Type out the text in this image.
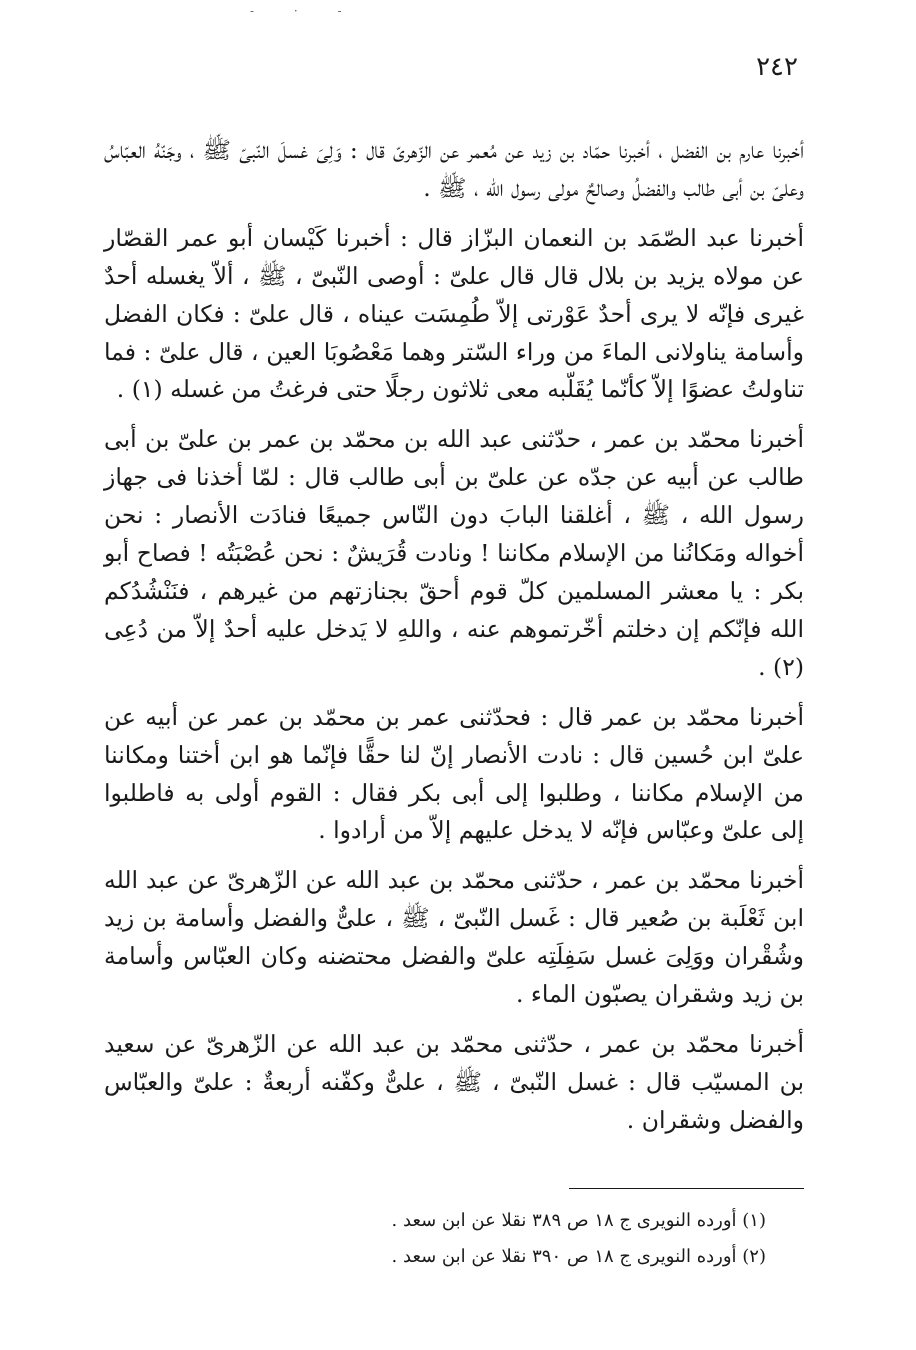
- · -
٢٤٢

أخبرنا عارم بن الفضل ، أخبرنا حمّاد بن زيد عن مُعمر عن الزّهرىّ قال : وَلِىَ غسلَ النّبىّ ﷺ ، وجَنّهُ العبّاسُ وعلىّ بن أبى طالب والفضلُ وصالحٌ مولى رسول الله ، ﷺ .

أخبرنا عبد الصّمَد بن النعمان البزّاز قال : أخبرنا كَيْسان أبو عمر القصّار عن مولاه يزيد بن بلال قال قال علىّ : أوصى النّبىّ ، ﷺ ، ألاّ يغسله أحدٌ غيرى فإنّه لا يرى أحدٌ عَوْرتى إلاّ طُمِسَت عيناه ، قال علىّ : فكان الفضل وأسامة يناولانى الماءَ من وراء السّتر وهما مَعْصُوبَا العين ، قال علىّ : فما تناولتُ عضوًا إلاّ كأنّما يُقَلّبه معى ثلاثون رجلًا حتى فرغتُ من غسله (١) .

أخبرنا محمّد بن عمر ، حدّثنى عبد الله بن محمّد بن عمر بن علىّ بن أبى طالب عن أبيه عن جدّه عن علىّ بن أبى طالب قال : لمّا أخذنا فى جهاز رسول الله ، ﷺ ، أغلقنا البابَ دون النّاس جميعًا فنادَت الأنصار : نحن أخواله ومَكانُنا من الإسلام مكاننا ! ونادت قُرَيشٌ : نحن عُصْبَتُه ! فصاح أبو بكر : يا معشر المسلمين كلّ قوم أحقّ بجنازتهم من غيرهم ، فنَنْشُدُكم الله فإنّكم إن دخلتم أخّرتموهم عنه ، واللهِ لا يَدخل عليه أحدٌ إلاّ من دُعِى (٢) .

أخبرنا محمّد بن عمر قال : فحدّثنى عمر بن محمّد بن عمر عن أبيه عن علىّ ابن حُسين قال : نادت الأنصار إنّ لنا حقًّا فإنّما هو ابن أختنا ومكاننا من الإسلام مكاننا ، وطلبوا إلى أبى بكر فقال : القوم أولى به فاطلبوا إلى علىّ وعبّاس فإنّه لا يدخل عليهم إلاّ من أرادوا .

أخبرنا محمّد بن عمر ، حدّثنى محمّد بن عبد الله عن الزّهرىّ عن عبد الله ابن ثَعْلَبة بن صُعير قال : غَسل النّبىّ ، ﷺ ، علىٌّ والفضل وأسامة بن زيد وشُقْران ووَلِىَ غسل سَفِلَتِه علىّ والفضل محتضنه وكان العبّاس وأسامة بن زيد وشقران يصبّون الماء .

أخبرنا محمّد بن عمر ، حدّثنى محمّد بن عبد الله عن الزّهرىّ عن سعيد بن المسيّب قال : غسل النّبىّ ، ﷺ ، علىٌّ وكفّنه أربعةٌ : علىّ والعبّاس والفضل وشقران .

(١) أورده النويرى ج ١٨ ص ٣٨٩ نقلا عن ابن سعد .

(٢) أورده النويرى ج ١٨ ص ٣٩٠ نقلا عن ابن سعد .
